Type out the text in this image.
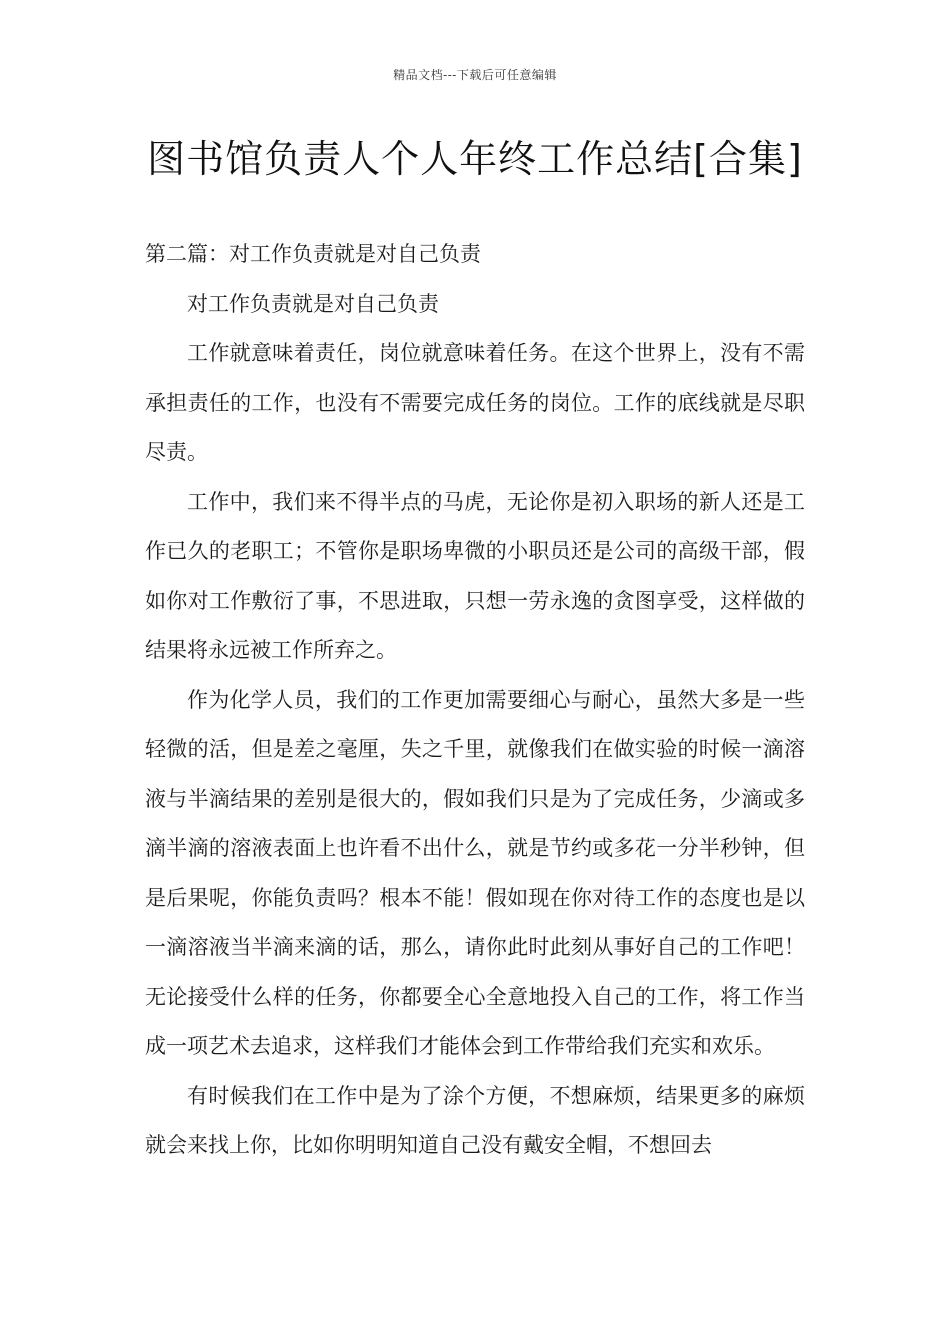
精品文档---下载后可任意编辑
图书馆负责人个人年终工作总结[合集]

第二篇：对工作负责就是对自己负责

对工作负责就是对自己负责

工作就意味着责任，岗位就意味着任务。在这个世界上，没有不需承担责任的工作，也没有不需要完成任务的岗位。工作的底线就是尽职尽责。

工作中，我们来不得半点的马虎，无论你是初入职场的新人还是工作已久的老职工；不管你是职场卑微的小职员还是公司的高级干部，假如你对工作敷衍了事，不思进取，只想一劳永逸的贪图享受，这样做的结果将永远被工作所弃之。

作为化学人员，我们的工作更加需要细心与耐心，虽然大多是一些轻微的活，但是差之毫厘，失之千里，就像我们在做实验的时候一滴溶液与半滴结果的差别是很大的，假如我们只是为了完成任务，少滴或多滴半滴的溶液表面上也许看不出什么，就是节约或多花一分半秒钟，但是后果呢，你能负责吗？根本不能！假如现在你对待工作的态度也是以一滴溶液当半滴来滴的话，那么，请你此时此刻从事好自己的工作吧！无论接受什么样的任务，你都要全心全意地投入自己的工作，将工作当成一项艺术去追求，这样我们才能体会到工作带给我们充实和欢乐。

有时候我们在工作中是为了涂个方便，不想麻烦，结果更多的麻烦就会来找上你，比如你明明知道自己没有戴安全帽，不想回去
